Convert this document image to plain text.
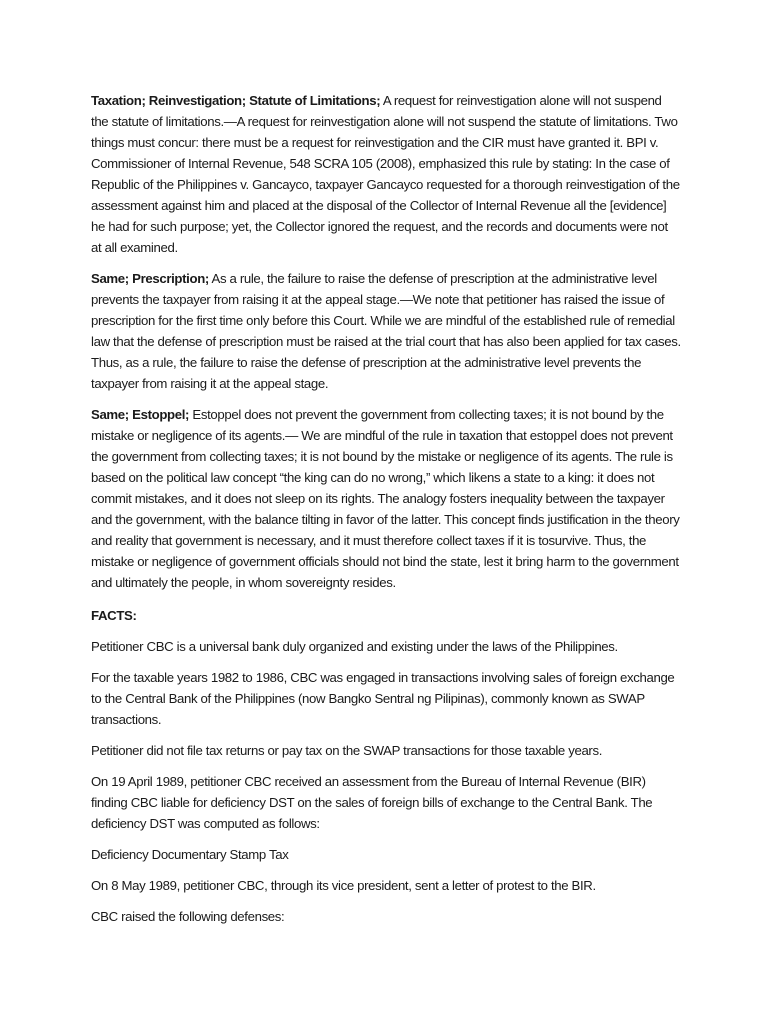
Taxation; Reinvestigation; Statute of Limitations; A request for reinvestigation alone will not suspend the statute of limitations.—A request for reinvestigation alone will not suspend the statute of limitations. Two things must concur: there must be a request for reinvestigation and the CIR must have granted it. BPI v. Commissioner of Internal Revenue, 548 SCRA 105 (2008), emphasized this rule by stating: In the case of Republic of the Philippines v. Gancayco, taxpayer Gancayco requested for a thorough reinvestigation of the assessment against him and placed at the disposal of the Collector of Internal Revenue all the [evidence] he had for such purpose; yet, the Collector ignored the request, and the records and documents were not at all examined.

Same; Prescription; As a rule, the failure to raise the defense of prescription at the administrative level prevents the taxpayer from raising it at the appeal stage.—We note that petitioner has raised the issue of prescription for the first time only before this Court. While we are mindful of the established rule of remedial law that the defense of prescription must be raised at the trial court that has also been applied for tax cases. Thus, as a rule, the failure to raise the defense of prescription at the administrative level prevents the taxpayer from raising it at the appeal stage.

Same; Estoppel; Estoppel does not prevent the government from collecting taxes; it is not bound by the mistake or negligence of its agents.— We are mindful of the rule in taxation that estoppel does not prevent the government from collecting taxes; it is not bound by the mistake or negligence of its agents. The rule is based on the political law concept “the king can do no wrong,” which likens a state to a king: it does not commit mistakes, and it does not sleep on its rights. The analogy fosters inequality between the taxpayer and the government, with the balance tilting in favor of the latter. This concept finds justification in the theory and reality that government is necessary, and it must therefore collect taxes if it is tosurvive. Thus, the mistake or negligence of government officials should not bind the state, lest it bring harm to the government and ultimately the people, in whom sovereignty resides.

FACTS:

Petitioner CBC is a universal bank duly organized and existing under the laws of the Philippines.

For the taxable years 1982 to 1986, CBC was engaged in transactions involving sales of foreign exchange to the Central Bank of the Philippines (now Bangko Sentral ng Pilipinas), commonly known as SWAP transactions.

Petitioner did not file tax returns or pay tax on the SWAP transactions for those taxable years.

On 19 April 1989, petitioner CBC received an assessment from the Bureau of Internal Revenue (BIR) finding CBC liable for deficiency DST on the sales of foreign bills of exchange to the Central Bank. The deficiency DST was computed as follows:

Deficiency Documentary Stamp Tax

On 8 May 1989, petitioner CBC, through its vice president, sent a letter of protest to the BIR.

CBC raised the following defenses:
